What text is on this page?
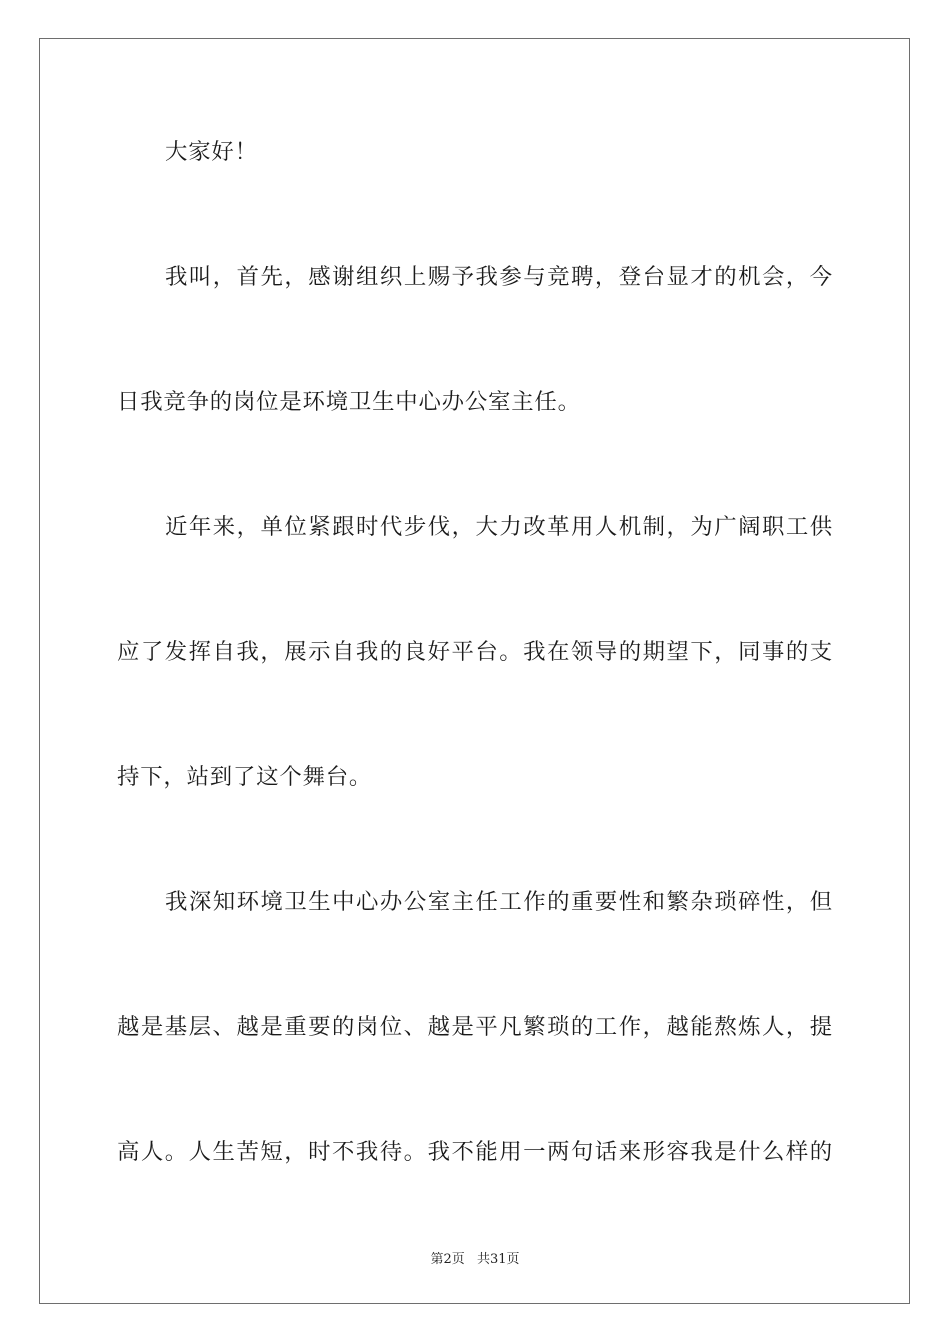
大家好！
我叫，首先，感谢组织上赐予我参与竞聘，登台显才的机会，今
日我竞争的岗位是环境卫生中心办公室主任。
近年来，单位紧跟时代步伐，大力改革用人机制，为广阔职工供
应了发挥自我，展示自我的良好平台。我在领导的期望下，同事的支
持下，站到了这个舞台。
我深知环境卫生中心办公室主任工作的重要性和繁杂琐碎性，但
越是基层、越是重要的岗位、越是平凡繁琐的工作，越能熬炼人，提
高人。人生苦短，时不我待。我不能用一两句话来形容我是什么样的
第2页 共31页
